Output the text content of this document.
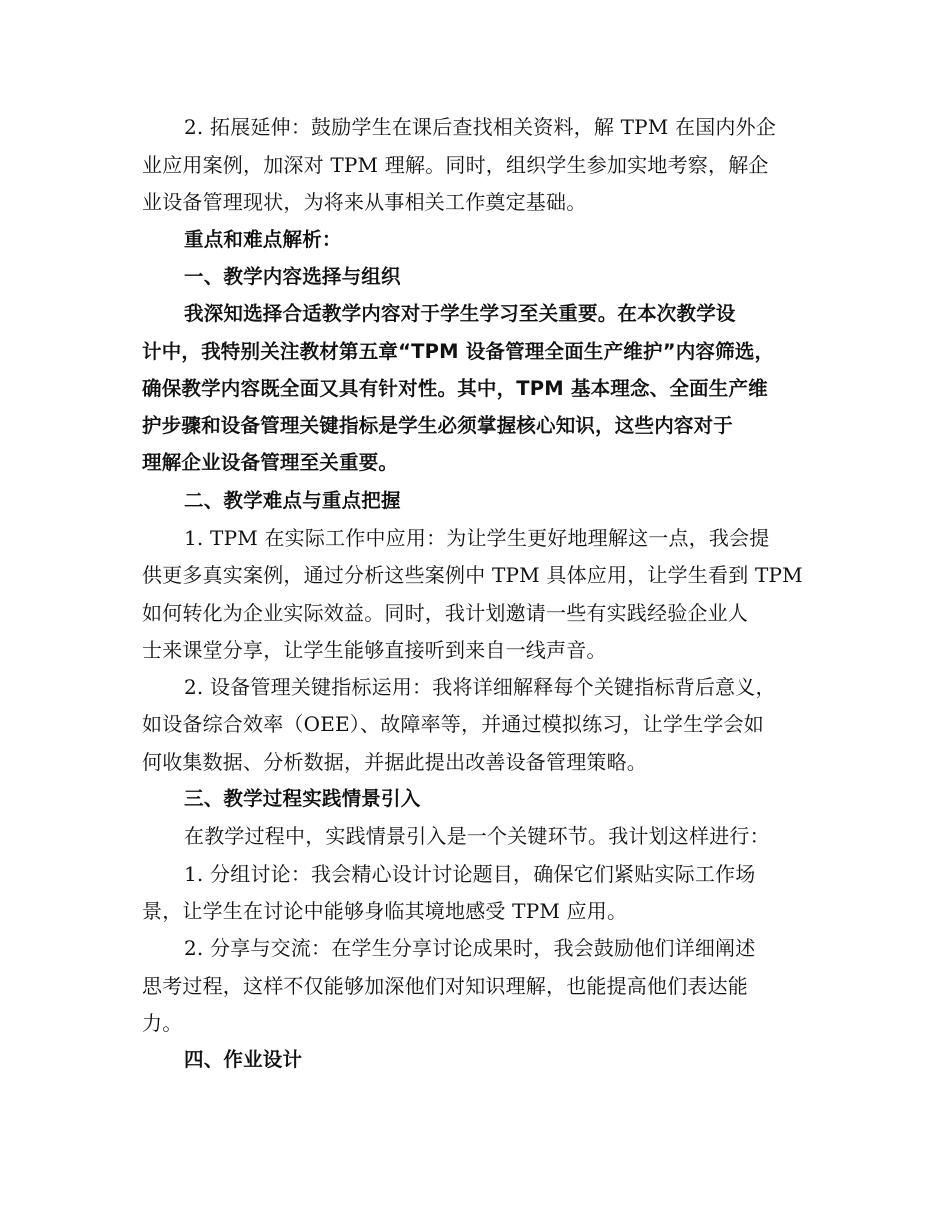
2. 拓展延伸：鼓励学生在课后查找相关资料，解 TPM 在国内外企
业应用案例，加深对 TPM 理解。同时，组织学生参加实地考察，解企
业设备管理现状，为将来从事相关工作奠定基础。
重点和难点解析：
一、教学内容选择与组织
我深知选择合适教学内容对于学生学习至关重要。在本次教学设
计中，我特别关注教材第五章“TPM 设备管理全面生产维护”内容筛选，
确保教学内容既全面又具有针对性。其中，TPM 基本理念、全面生产维
护步骤和设备管理关键指标是学生必须掌握核心知识，这些内容对于
理解企业设备管理至关重要。
二、教学难点与重点把握
1. TPM 在实际工作中应用：为让学生更好地理解这一点，我会提
供更多真实案例，通过分析这些案例中 TPM 具体应用，让学生看到 TPM
如何转化为企业实际效益。同时，我计划邀请一些有实践经验企业人
士来课堂分享，让学生能够直接听到来自一线声音。
2. 设备管理关键指标运用：我将详细解释每个关键指标背后意义，
如设备综合效率（OEE）、故障率等，并通过模拟练习，让学生学会如
何收集数据、分析数据，并据此提出改善设备管理策略。
三、教学过程实践情景引入
在教学过程中，实践情景引入是一个关键环节。我计划这样进行：
1. 分组讨论：我会精心设计讨论题目，确保它们紧贴实际工作场
景，让学生在讨论中能够身临其境地感受 TPM 应用。
2. 分享与交流：在学生分享讨论成果时，我会鼓励他们详细阐述
思考过程，这样不仅能够加深他们对知识理解，也能提高他们表达能
力。
四、作业设计
